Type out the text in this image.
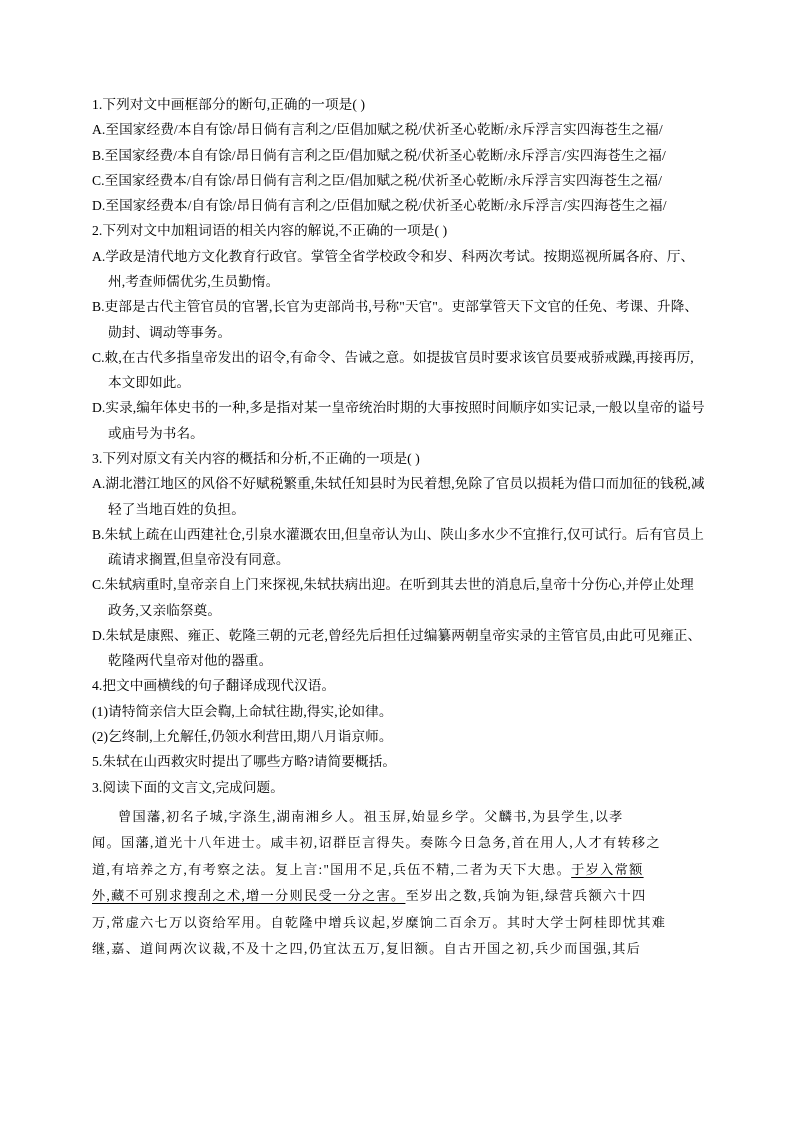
1.下列对文中画框部分的断句,正确的一项是( )
A.至国家经费/本自有馀/昂日倘有言利之/臣倡加赋之税/伏祈圣心乾断/永斥浮言实四海苍生之福/
B.至国家经费/本自有馀/昂日倘有言利之臣/倡加赋之税/伏祈圣心乾断/永斥浮言/实四海苍生之福/
C.至国家经费本/自有馀/昂日倘有言利之臣/倡加赋之税/伏祈圣心乾断/永斥浮言实四海苍生之福/
D.至国家经费本/自有馀/昂日倘有言利之/臣倡加赋之税/伏祈圣心乾断/永斥浮言/实四海苍生之福/
2.下列对文中加粗词语的相关内容的解说,不正确的一项是( )
A.学政是清代地方文化教育行政官。掌管全省学校政令和岁、科两次考试。按期巡视所属各府、厅、州,考查师儒优劣,生员勤惰。
B.吏部是古代主管官员的官署,长官为吏部尚书,号称"天官"。吏部掌管天下文官的任免、考课、升降、勋封、调动等事务。
C.敕,在古代多指皇帝发出的诏令,有命令、告诫之意。如提拔官员时要求该官员要戒骄戒躁,再接再厉,本文即如此。
D.实录,编年体史书的一种,多是指对某一皇帝统治时期的大事按照时间顺序如实记录,一般以皇帝的谥号或庙号为书名。
3.下列对原文有关内容的概括和分析,不正确的一项是( )
A.湖北潜江地区的风俗不好赋税繁重,朱轼任知县时为民着想,免除了官员以损耗为借口而加征的钱税,减轻了当地百姓的负担。
B.朱轼上疏在山西建社仓,引泉水灌溉农田,但皇帝认为山、陕山多水少不宜推行,仅可试行。后有官员上疏请求搁置,但皇帝没有同意。
C.朱轼病重时,皇帝亲自上门来探视,朱轼扶病出迎。在听到其去世的消息后,皇帝十分伤心,并停止处理政务,又亲临祭奠。
D.朱轼是康熙、雍正、乾隆三朝的元老,曾经先后担任过编纂两朝皇帝实录的主管官员,由此可见雍正、乾隆两代皇帝对他的器重。
4.把文中画横线的句子翻译成现代汉语。
(1)请特简亲信大臣会鞫,上命轼往勘,得实,论如律。
(2)乞终制,上允解任,仍领水利营田,期八月诣京师。
5.朱轼在山西救灾时提出了哪些方略?请简要概括。
3.阅读下面的文言文,完成问题。
曾国藩,初名子城,字涤生,湖南湘乡人。祖玉屏,始显乡学。父麟书,为县学生,以孝
闻。国藩,道光十八年进士。咸丰初,诏群臣言得失。奏陈今日急务,首在用人,人才有转移之
道,有培养之方,有考察之法。复上言:"国用不足,兵伍不精,二者为天下大患。于岁入常额
外,藏不可别求搜刮之术,增一分则民受一分之害。至岁出之数,兵饷为钜,绿营兵额六十四
万,常虚六七万以资给军用。自乾隆中增兵议起,岁糜饷二百余万。其时大学士阿桂即忧其难
继,嘉、道间两次议裁,不及十之四,仍宜汰五万,复旧额。自古开国之初,兵少而国强,其后
